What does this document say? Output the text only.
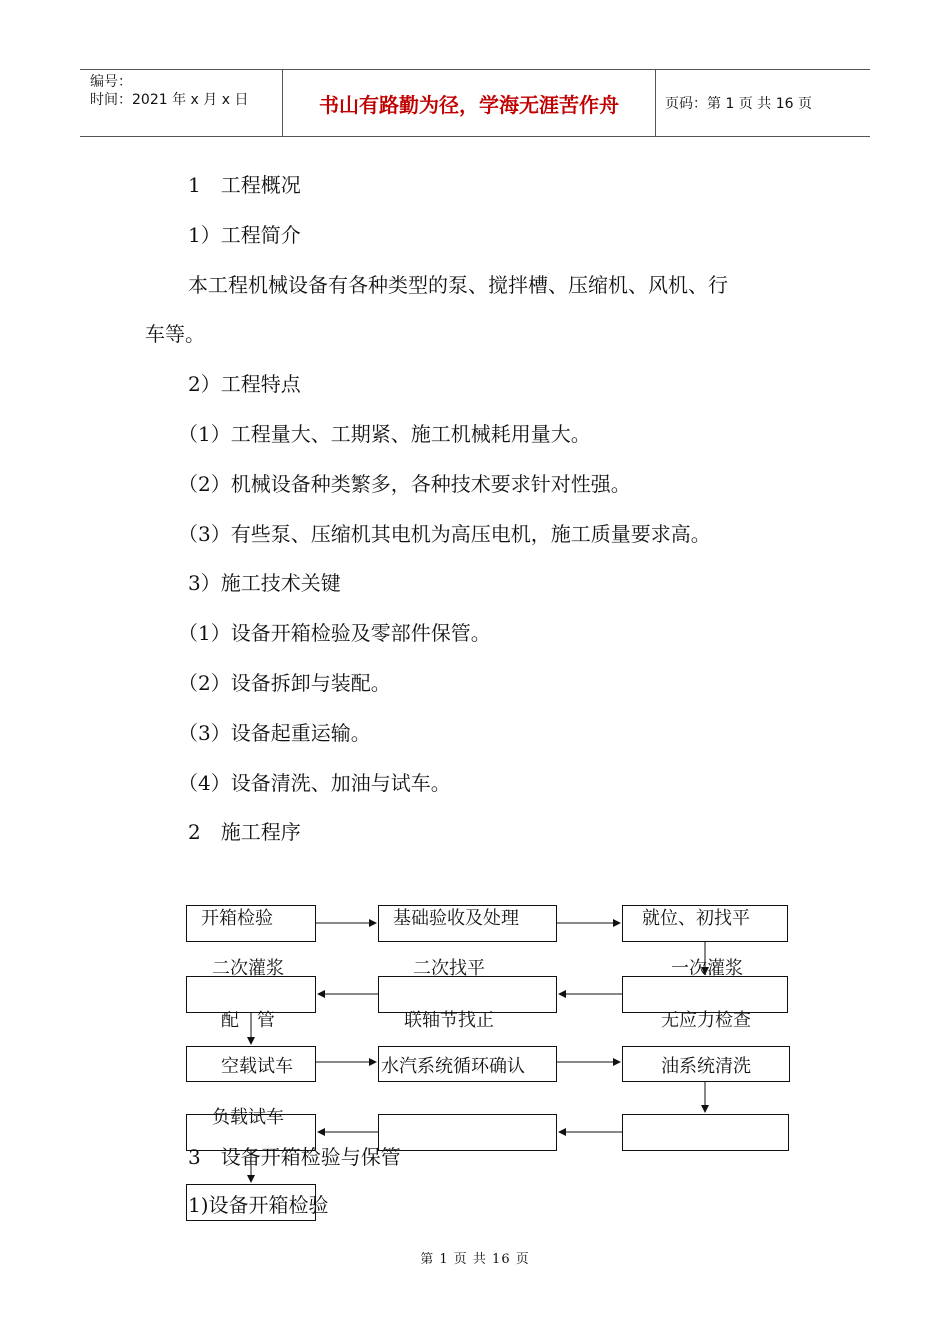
编号：
时间：2021 年 x 月 x 日	书山有路勤为径，学海无涯苦作舟	页码：第 1 页 共 16 页
1　工程概况
1）工程简介
本工程机械设备有各种类型的泵、搅拌槽、压缩机、风机、行
车等。
2）工程特点
（1）工程量大、工期紧、施工机械耗用量大。
（2）机械设备种类繁多，各种技术要求针对性强。
（3）有些泵、压缩机其电机为高压电机，施工质量要求高。
3）施工技术关键
（1）设备开箱检验及零部件保管。
（2）设备拆卸与装配。
（3）设备起重运输。
（4）设备清洗、加油与试车。
2　施工程序
开箱检验	基础验收及处理	就位、初找平
二次灌浆	二次找平	一次灌浆
配　管	联轴节找正	无应力检查
空载试车	水汽系统循环确认	油系统清洗
负载试车
3　设备开箱检验与保管
1)设备开箱检验
第 1 页 共 16 页
